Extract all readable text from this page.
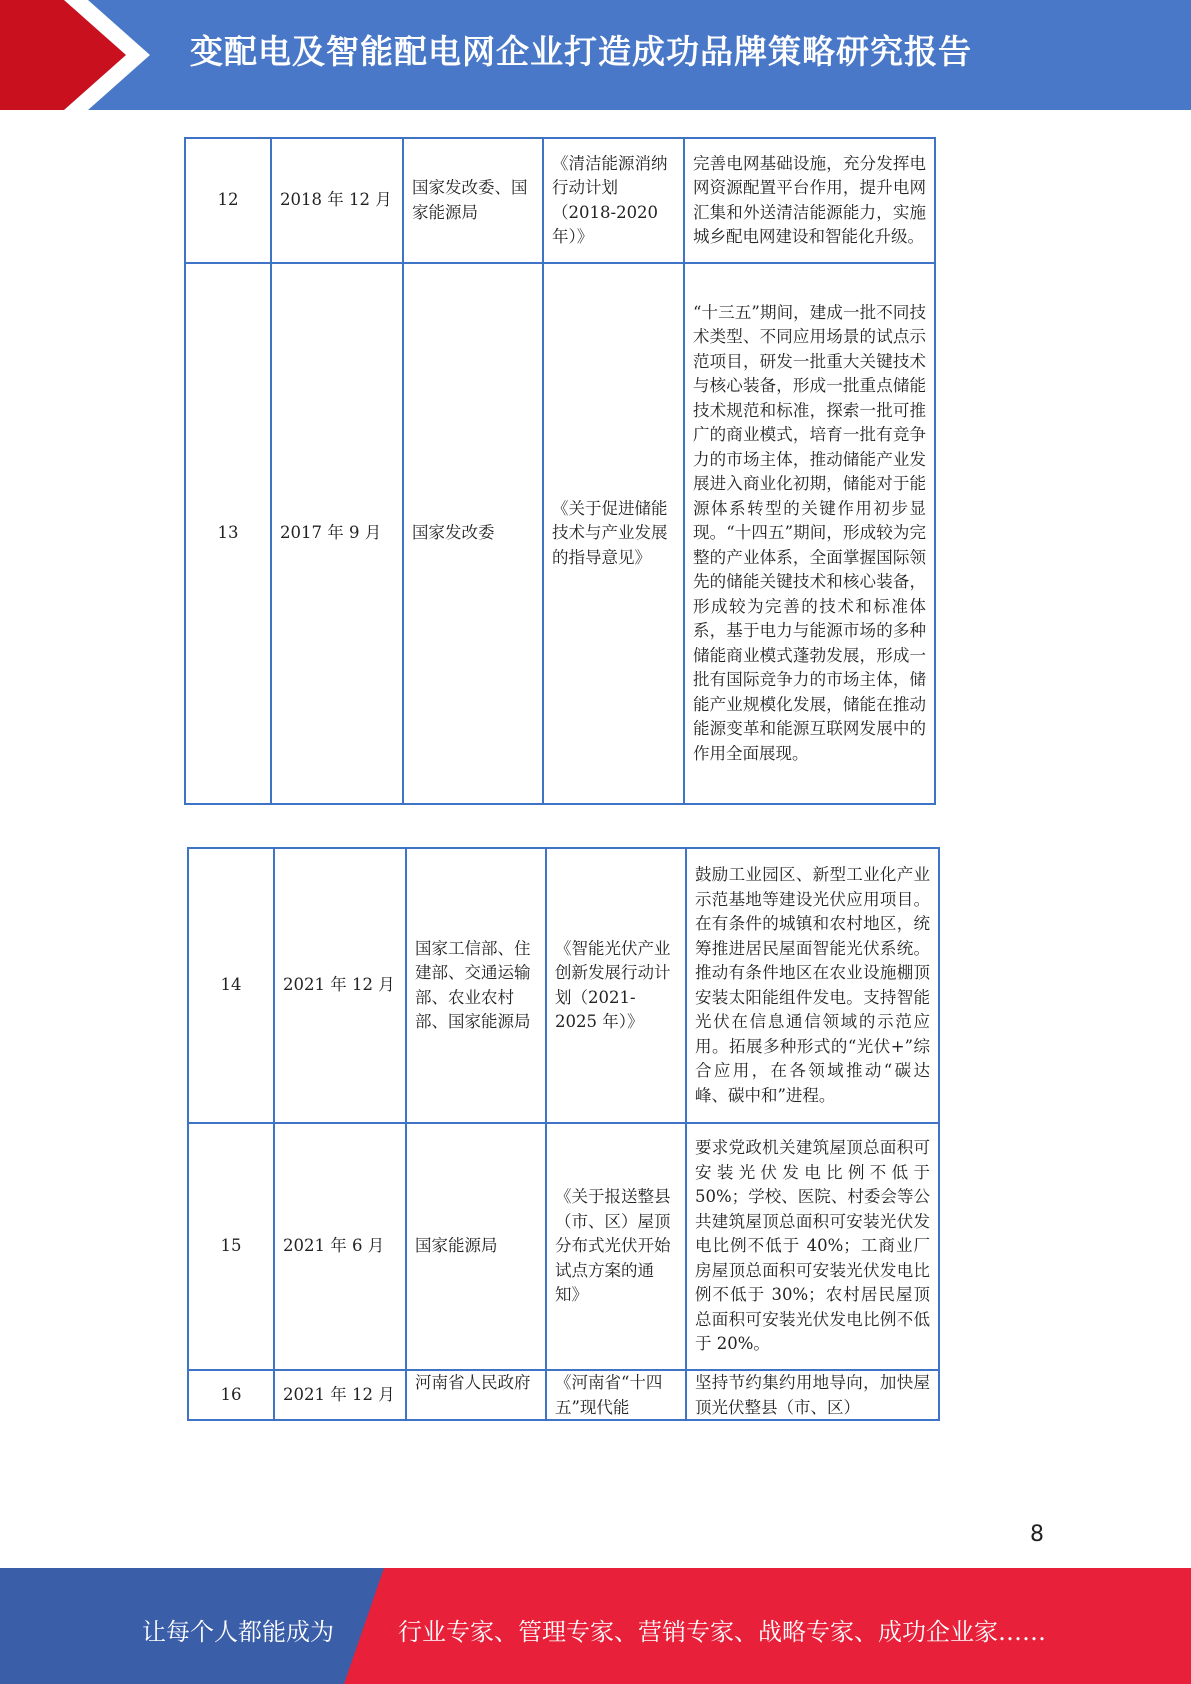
变配电及智能配电网企业打造成功品牌策略研究报告
12	2018 年 12 月	国家发改委、国家能源局	《清洁能源消纳行动计划（2018-2020 年）》	完善电网基础设施，充分发挥电网资源配置平台作用，提升电网汇集和外送清洁能源能力，实施城乡配电网建设和智能化升级。
13	2017 年 9 月	国家发改委	《关于促进储能技术与产业发展的指导意见》	“十三五”期间，建成一批不同技术类型、不同应用场景的试点示范项目，研发一批重大关键技术与核心装备，形成一批重点储能技术规范和标准，探索一批可推广的商业模式，培育一批有竞争力的市场主体，推动储能产业发展进入商业化初期，储能对于能源体系转型的关键作用初步显现。“十四五”期间，形成较为完整的产业体系，全面掌握国际领先的储能关键技术和核心装备，形成较为完善的技术和标准体系，基于电力与能源市场的多种储能商业模式蓬勃发展，形成一批有国际竞争力的市场主体，储能产业规模化发展，储能在推动能源变革和能源互联网发展中的作用全面展现。
14	2021 年 12 月	国家工信部、住建部、交通运输部、农业农村部、国家能源局	《智能光伏产业创新发展行动计划（2021-2025 年）》	鼓励工业园区、新型工业化产业示范基地等建设光伏应用项目。在有条件的城镇和农村地区，统筹推进居民屋面智能光伏系统。推动有条件地区在农业设施棚顶安装太阳能组件发电。支持智能光伏在信息通信领域的示范应用。拓展多种形式的“光伏+”综合应用，在各领域推动“碳达峰、碳中和”进程。
15	2021 年 6 月	国家能源局	《关于报送整县（市、区）屋顶分布式光伏开始试点方案的通知》	要求党政机关建筑屋顶总面积可安装光伏发电比例不低于 50%；学校、医院、村委会等公共建筑屋顶总面积可安装光伏发电比例不低于 40%；工商业厂房屋顶总面积可安装光伏发电比例不低于 30%；农村居民屋顶总面积可安装光伏发电比例不低于 20%。
16	2021 年 12 月	河南省人民政府	《河南省“十四五”现代能	坚持节约集约用地导向，加快屋顶光伏整县（市、区）
8
让每个人都能成为	行业专家、管理专家、营销专家、战略专家、成功企业家……
